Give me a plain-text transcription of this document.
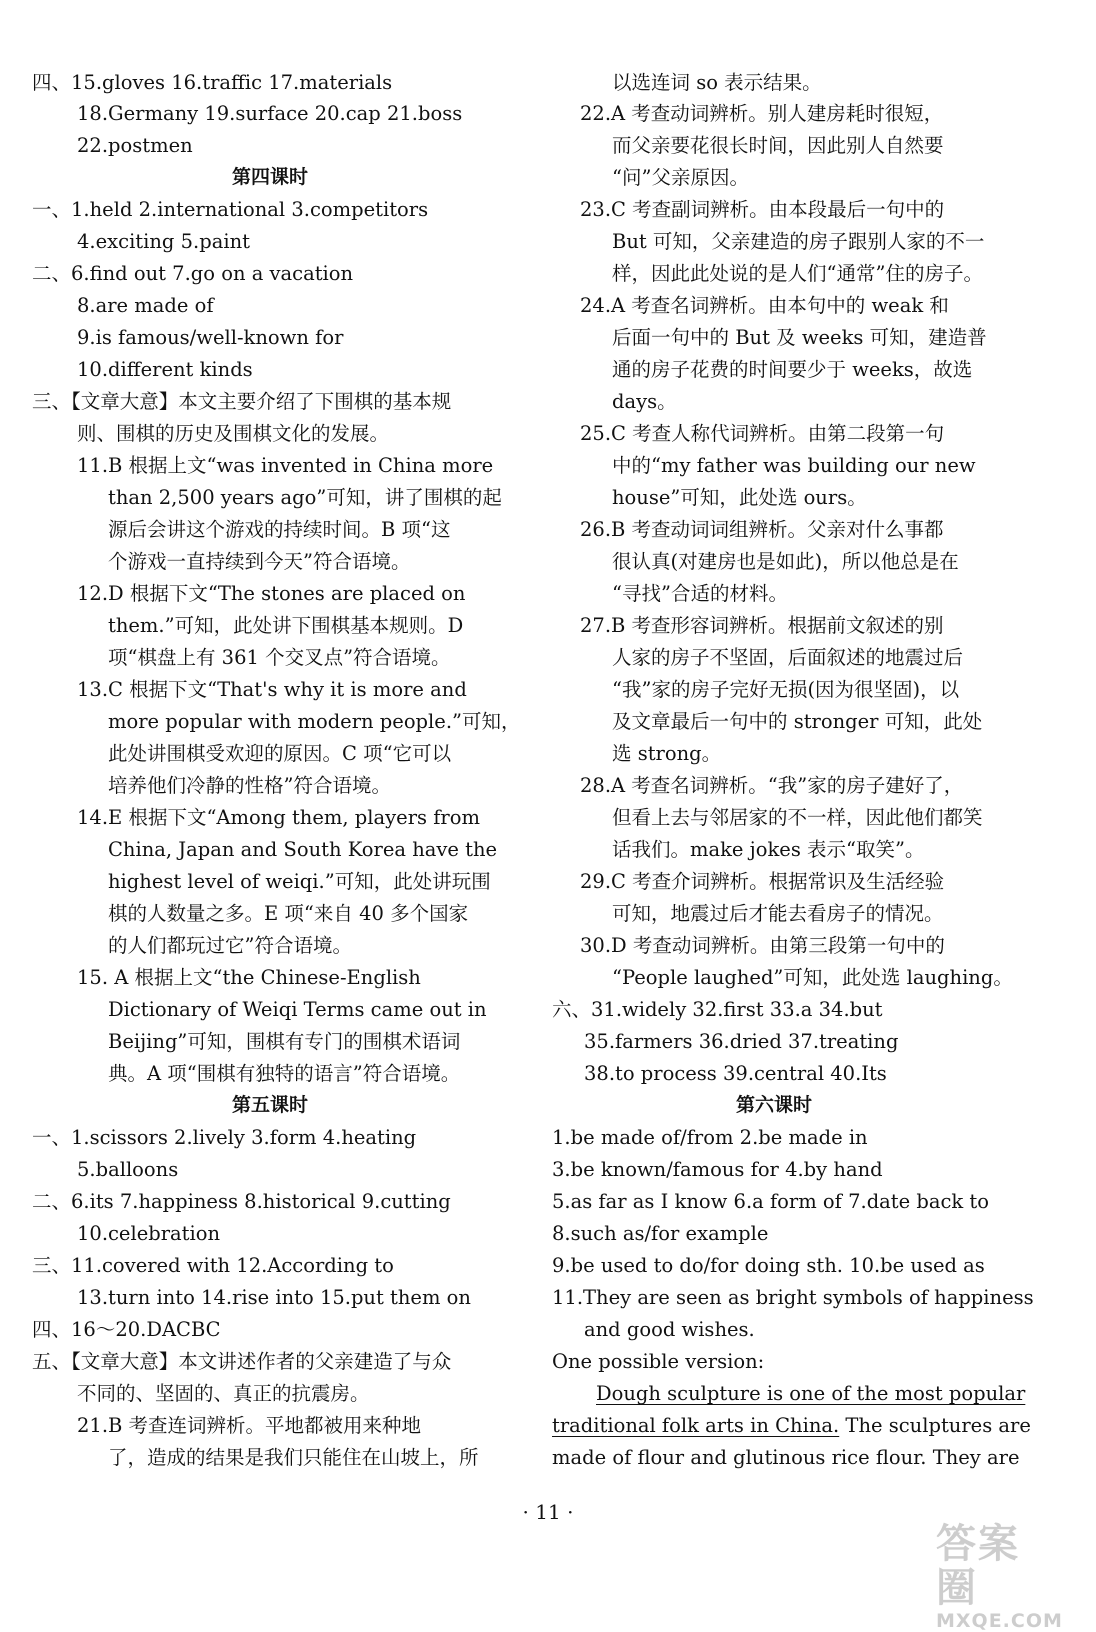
四、15.gloves 16.traffic 17.materials
18.Germany 19.surface 20.cap 21.boss
22.postmen
第四课时
一、1.held 2.international 3.competitors
4.exciting 5.paint
二、6.find out 7.go on a vacation
8.are made of
9.is famous/well-known for
10.different kinds
三、【文章大意】本文主要介绍了下围棋的基本规
则、围棋的历史及围棋文化的发展。
11.B 根据上文“was invented in China more
than 2,500 years ago”可知，讲了围棋的起
源后会讲这个游戏的持续时间。B 项“这
个游戏一直持续到今天”符合语境。
12.D 根据下文“The stones are placed on
them.”可知，此处讲下围棋基本规则。D
项“棋盘上有 361 个交叉点”符合语境。
13.C 根据下文“That's why it is more and
more popular with modern people.”可知，
此处讲围棋受欢迎的原因。C 项“它可以
培养他们冷静的性格”符合语境。
14.E 根据下文“Among them, players from
China, Japan and South Korea have the
highest level of weiqi.”可知，此处讲玩围
棋的人数量之多。E 项“来自 40 多个国家
的人们都玩过它”符合语境。
15. A 根据上文“the Chinese-English
Dictionary of Weiqi Terms came out in
Beijing”可知，围棋有专门的围棋术语词
典。A 项“围棋有独特的语言”符合语境。
第五课时
一、1.scissors 2.lively 3.form 4.heating
5.balloons
二、6.its 7.happiness 8.historical 9.cutting
10.celebration
三、11.covered with 12.According to
13.turn into 14.rise into 15.put them on
四、16～20.DACBC
五、【文章大意】本文讲述作者的父亲建造了与众
不同的、坚固的、真正的抗震房。
21.B 考查连词辨析。平地都被用来种地
了，造成的结果是我们只能住在山坡上，所
以选连词 so 表示结果。
22.A 考查动词辨析。别人建房耗时很短，
而父亲要花很长时间，因此别人自然要
“问”父亲原因。
23.C 考查副词辨析。由本段最后一句中的
But 可知，父亲建造的房子跟别人家的不一
样，因此此处说的是人们“通常”住的房子。
24.A 考查名词辨析。由本句中的 weak 和
后面一句中的 But 及 weeks 可知，建造普
通的房子花费的时间要少于 weeks，故选
days。
25.C 考查人称代词辨析。由第二段第一句
中的“my father was building our new
house”可知，此处选 ours。
26.B 考查动词词组辨析。父亲对什么事都
很认真(对建房也是如此)，所以他总是在
“寻找”合适的材料。
27.B 考查形容词辨析。根据前文叙述的别
人家的房子不坚固，后面叙述的地震过后
“我”家的房子完好无损(因为很坚固)，以
及文章最后一句中的 stronger 可知，此处
选 strong。
28.A 考查名词辨析。“我”家的房子建好了，
但看上去与邻居家的不一样，因此他们都笑
话我们。make jokes 表示“取笑”。
29.C 考查介词辨析。根据常识及生活经验
可知，地震过后才能去看房子的情况。
30.D 考查动词辨析。由第三段第一句中的
“People laughed”可知，此处选 laughing。
六、31.widely 32.first 33.a 34.but
35.farmers 36.dried 37.treating
38.to process 39.central 40.Its
第六课时
1.be made of/from 2.be made in
3.be known/famous for 4.by hand
5.as far as I know 6.a form of 7.date back to
8.such as/for example
9.be used to do/for doing sth. 10.be used as
11.They are seen as bright symbols of happiness
and good wishes.
One possible version:
Dough sculpture is one of the most popular
traditional folk arts in China. The sculptures are
made of flour and glutinous rice flour. They are
· 11 ·
答案圈
MXQE.COM
